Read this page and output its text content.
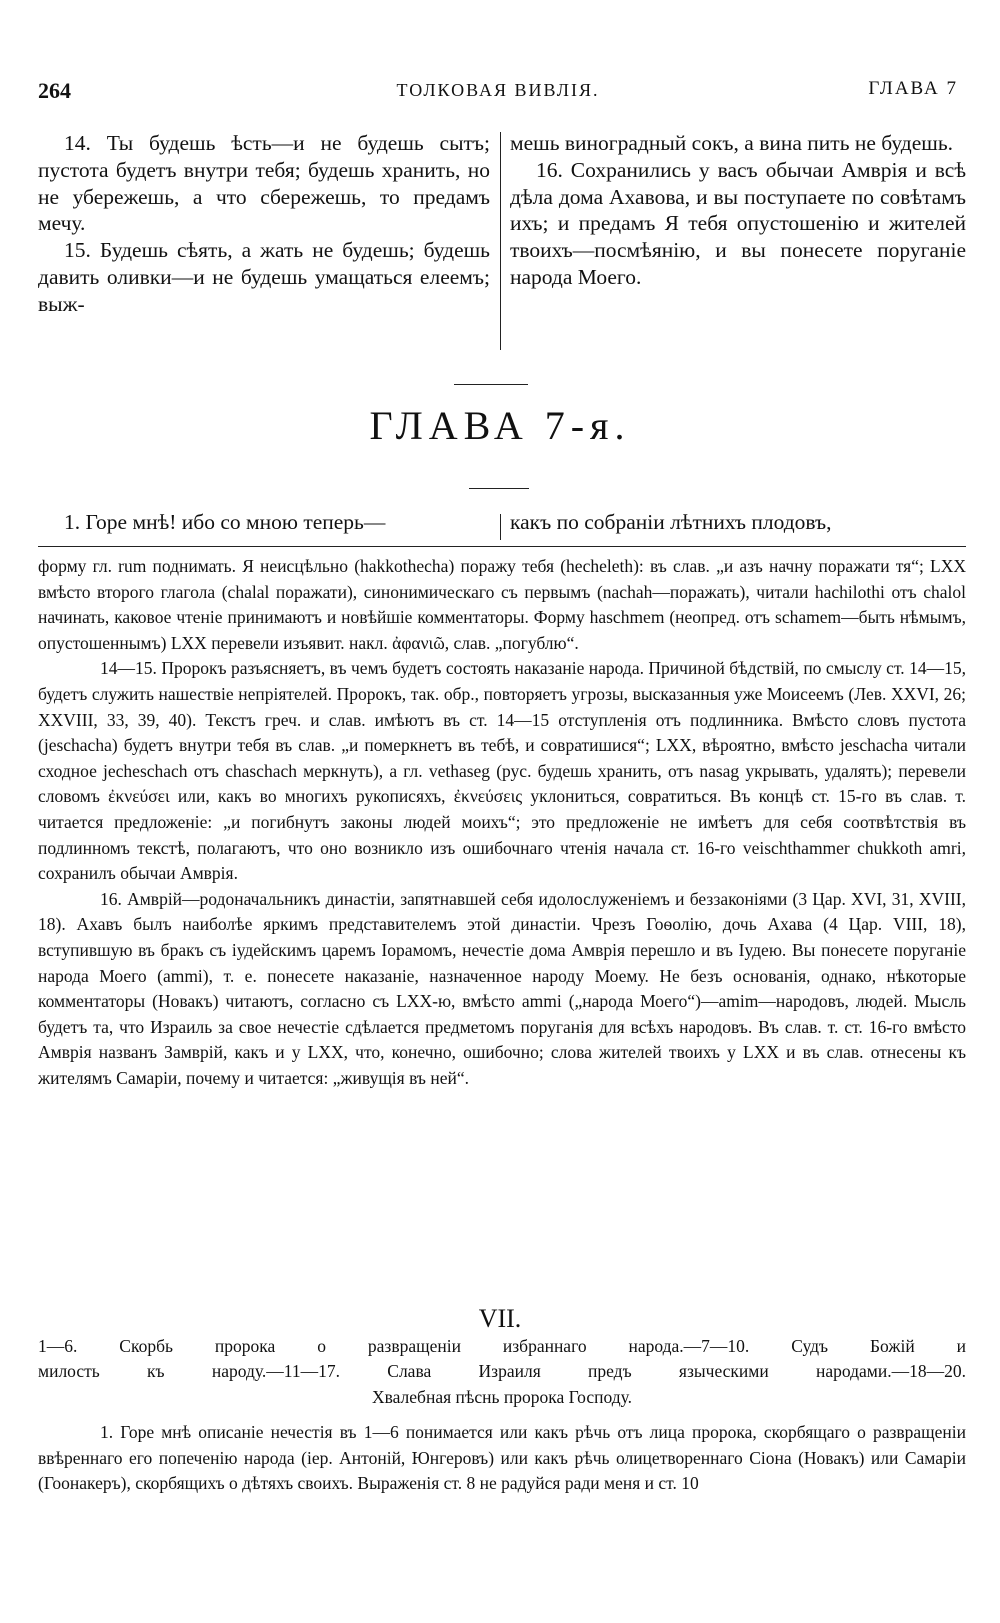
264	ТОЛКОВАЯ ВИВЛІЯ.	ГЛАВА 7

14. Ты будешь ѣсть—и не будешь сытъ; пустота будетъ внутри тебя; будешь хранить, но не убережешь, а что сбережешь, то предамъ мечу.

15. Будешь сѣять, а жать не будешь; будешь давить оливки—и не будешь умащаться елеемъ; выж-

мешь виноградный сокъ, а вина пить не будешь.

16. Сохранились у васъ обычаи Амврія и всѣ дѣла дома Ахавова, и вы поступаете по совѣтамъ ихъ; и предамъ Я тебя опустошенію и жителей твоихъ—посмѣянію, и вы понесете поруганіе народа Моего.

ГЛАВА 7-я.
1. Горе мнѣ! ибо со мною теперь—	какъ по собраніи лѣтнихъ плодовъ,

форму гл. rum поднимать. Я неисцѣльно (hakkothecha) поражу тебя (hecheleth): въ слав. „и азъ начну поражати тя“; LXX вмѣсто второго глагола (chalal поражати), синонимическаго съ первымъ (nachah—поражать), читали hachilothi отъ chalol начинать, каковое чтеніе принимаютъ и новѣйшіе комментаторы. Форму haschmem (неопред. отъ schamem—быть нѣмымъ, опустошеннымъ) LXX перевели изъявит. накл. ἀφανιῶ, слав. „погублю“.

14—15. Пророкъ разъясняетъ, въ чемъ будетъ состоять наказаніе народа. Причиной бѣдствій, по смыслу ст. 14—15, будетъ служить нашествіе непріятелей. Пророкъ, так. обр., повторяетъ угрозы, высказанныя уже Моисеемъ (Лев. XXVI, 26; XXVIII, 33, 39, 40). Текстъ греч. и слав. имѣютъ въ ст. 14—15 отступленія отъ подлинника. Вмѣсто словъ пустота (jeschacha) будетъ внутри тебя въ слав. „и померкнетъ въ тебѣ, и совратишися“; LXX, вѣроятно, вмѣсто jeschacha читали сходное jecheschach отъ chaschach меркнуть), а гл. vethaseg (рус. будешь хранить, отъ nasag укрывать, удалять); перевели словомъ ἐκνεύσει или, какъ во многихъ рукописяхъ, ἐκνεύσεις уклониться, совратиться. Въ концѣ ст. 15-го въ слав. т. читается предложеніе: „и погибнутъ законы людей моихъ“; это предложеніе не имѣетъ для себя соотвѣтствія въ подлинномъ текстѣ, полагаютъ, что оно возникло изъ ошибочнаго чтенія начала ст. 16-го veischthammer chukkoth amri, сохранилъ обычаи Амврія.

16. Амврій—родоначальникъ династіи, запятнавшей себя идолослуженіемъ и беззаконіями (3 Цар. XVI, 31, XVIII, 18). Ахавъ былъ наиболѣе яркимъ представителемъ этой династіи. Чрезъ Гоѳолію, дочь Ахава (4 Цар. VIII, 18), вступившую въ бракъ съ іудейскимъ царемъ Іорамомъ, нечестіе дома Амврія перешло и въ Іудею. Вы понесете поруганіе народа Моего (ammi), т. е. понесете наказаніе, назначенное народу Моему. Не безъ основанія, однако, нѣкоторые комментаторы (Новакъ) читаютъ, согласно съ LXX-ю, вмѣсто ammi („народа Моего“)—amim—народовъ, людей. Мысль будетъ та, что Израиль за свое нечестіе сдѣлается предметомъ поруганія для всѣхъ народовъ. Въ слав. т. ст. 16-го вмѣсто Амврія названъ Замврій, какъ и у LXX, что, конечно, ошибочно; слова жителей твоихъ у LXX и въ слав. отнесены къ жителямъ Самаріи, почему и читается: „живущія въ ней“.

VII.
1—6. Скорбь пророка о развращеніи избраннаго народа.—7—10. Судъ Божій и
милость къ народу.—11—17. Слава Израиля предъ языческими народами.—18—20.
Хвалебная пѣснь пророка Господу.
1. Горе мнѣ описаніе нечестія въ 1—6 понимается или какъ рѣчь отъ лица пророка, скорбящаго о развращеніи ввѣреннаго его попеченію народа (іер. Антоній, Юнгеровъ) или какъ рѣчь олицетвореннаго Сіона (Новакъ) или Самаріи (Гоонакеръ), скорбящихъ о дѣтяхъ своихъ. Выраженія ст. 8 не радуйся ради меня и ст. 10
